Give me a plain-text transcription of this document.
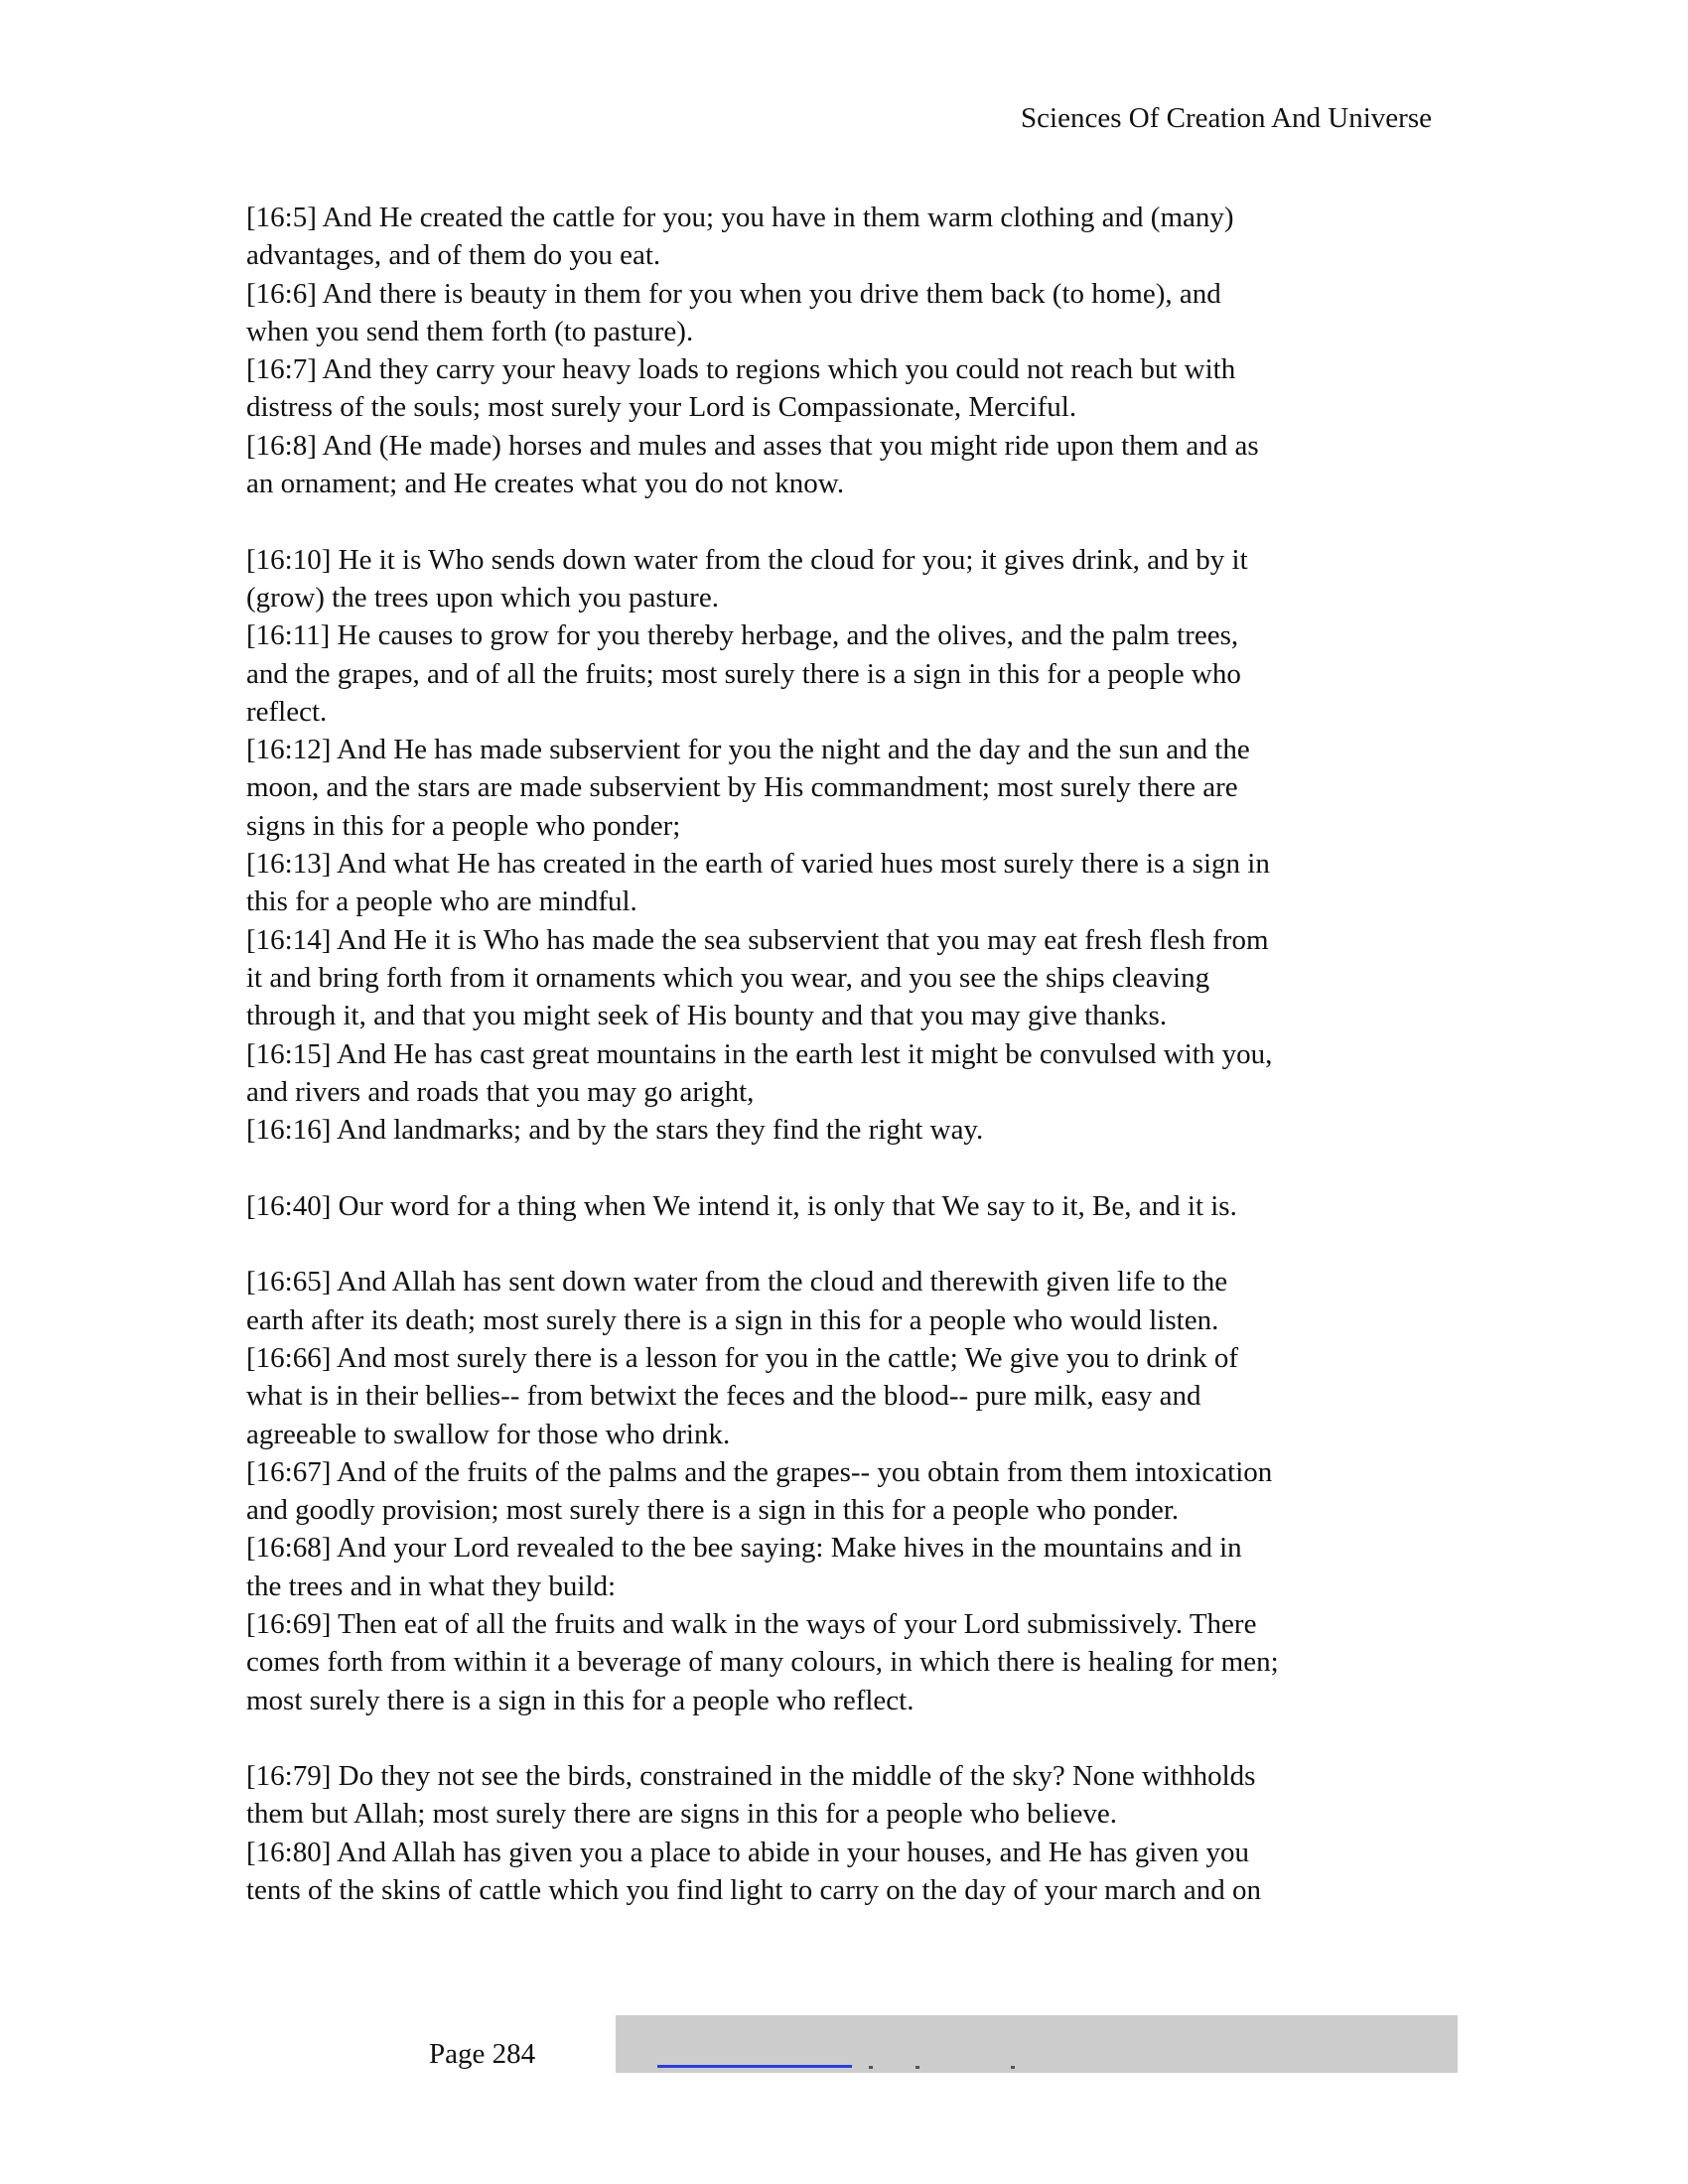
Sciences Of Creation And Universe

[16:5] And He created the cattle for you; you have in them warm clothing and (many)
advantages, and of them do you eat.

[16:6] And there is beauty in them for you when you drive them back (to home), and
when you send them forth (to pasture).

[16:7] And they carry your heavy loads to regions which you could not reach but with
distress of the souls; most surely your Lord is Compassionate, Merciful.

[16:8] And (He made) horses and mules and asses that you might ride upon them and as
an ornament; and He creates what you do not know.

[16:10] He it is Who sends down water from the cloud for you; it gives drink, and by it
(grow) the trees upon which you pasture.

[16:11] He causes to grow for you thereby herbage, and the olives, and the palm trees,
and the grapes, and of all the fruits; most surely there is a sign in this for a people who
reflect.

[16:12] And He has made subservient for you the night and the day and the sun and the
moon, and the stars are made subservient by His commandment; most surely there are
signs in this for a people who ponder;

[16:13] And what He has created in the earth of varied hues most surely there is a sign in
this for a people who are mindful.

[16:14] And He it is Who has made the sea subservient that you may eat fresh flesh from
it and bring forth from it ornaments which you wear, and you see the ships cleaving
through it, and that you might seek of His bounty and that you may give thanks.

[16:15] And He has cast great mountains in the earth lest it might be convulsed with you,
and rivers and roads that you may go aright,

[16:16] And landmarks; and by the stars they find the right way.

[16:40] Our word for a thing when We intend it, is only that We say to it, Be, and it is.

[16:65] And Allah has sent down water from the cloud and therewith given life to the
earth after its death; most surely there is a sign in this for a people who would listen.

[16:66] And most surely there is a lesson for you in the cattle; We give you to drink of
what is in their bellies-- from betwixt the feces and the blood-- pure milk, easy and
agreeable to swallow for those who drink.

[16:67] And of the fruits of the palms and the grapes-- you obtain from them intoxication
and goodly provision; most surely there is a sign in this for a people who ponder.

[16:68] And your Lord revealed to the bee saying: Make hives in the mountains and in
the trees and in what they build:

[16:69] Then eat of all the fruits and walk in the ways of your Lord submissively. There
comes forth from within it a beverage of many colours, in which there is healing for men;
most surely there is a sign in this for a people who reflect.

[16:79] Do they not see the birds, constrained in the middle of the sky? None withholds
them but Allah; most surely there are signs in this for a people who believe.

[16:80] And Allah has given you a place to abide in your houses, and He has given you
tents of the skins of cattle which you find light to carry on the day of your march and on

Page 284
